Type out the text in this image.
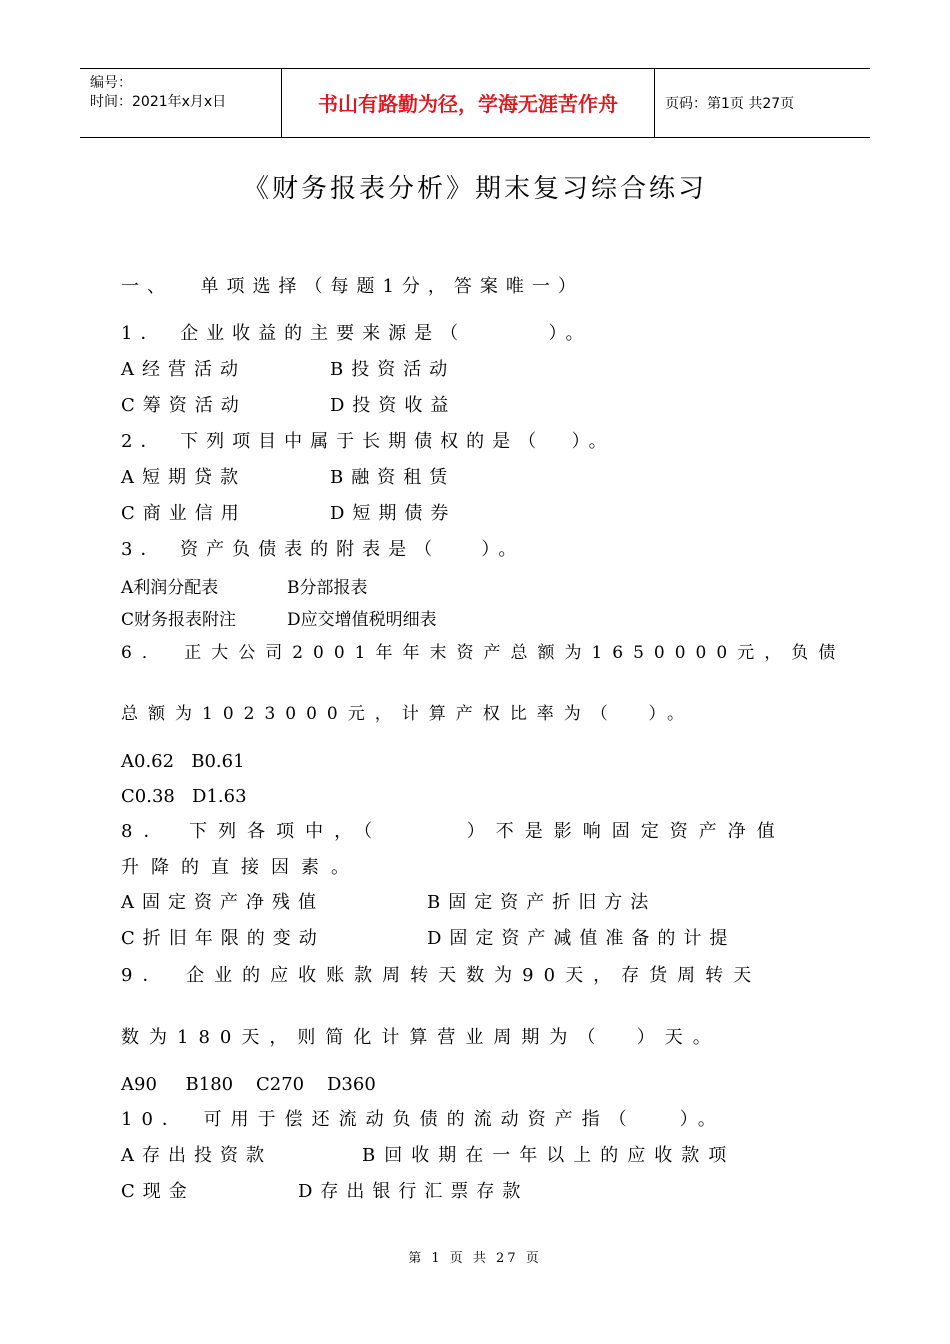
编号：
时间：2021年x月x日	书山有路勤为径，学海无涯苦作舟	页码：第1页 共27页
《财务报表分析》期末复习综合练习
一、  单项选择（每题1分，答案唯一）
1． 企业收益的主要来源是（      ）。
A经营活动	B投资活动
C筹资活动	D投资收益
2． 下列项目中属于长期债权的是（  ）。
A短期贷款	B融资租赁
C商业信用	D短期债券
3． 资产负债表的附表是（   ）。
A利润分配表	B分部报表
C财务报表附注	D应交增值税明细表
6． 正大公司2001年年末资产总额为1650000元，负债
总额为1023000元，计算产权比率为（  ）。
A0.62   B0.61
C0.38   D1.63
8． 下列各项中，（     ）不是影响固定资产净值
升降的直接因素。
A固定资产净残值	B固定资产折旧方法
C折旧年限的变动	D固定资产减值准备的计提
9． 企业的应收账款周转天数为90天，存货周转天
数为180天，则简化计算营业周期为（  ）天。
A90     B180    C270    D360
10． 可用于偿还流动负债的流动资产指（   ）。
A存出投资款	B回收期在一年以上的应收款项
C现金	D存出银行汇票存款
第 1 页 共 27 页
